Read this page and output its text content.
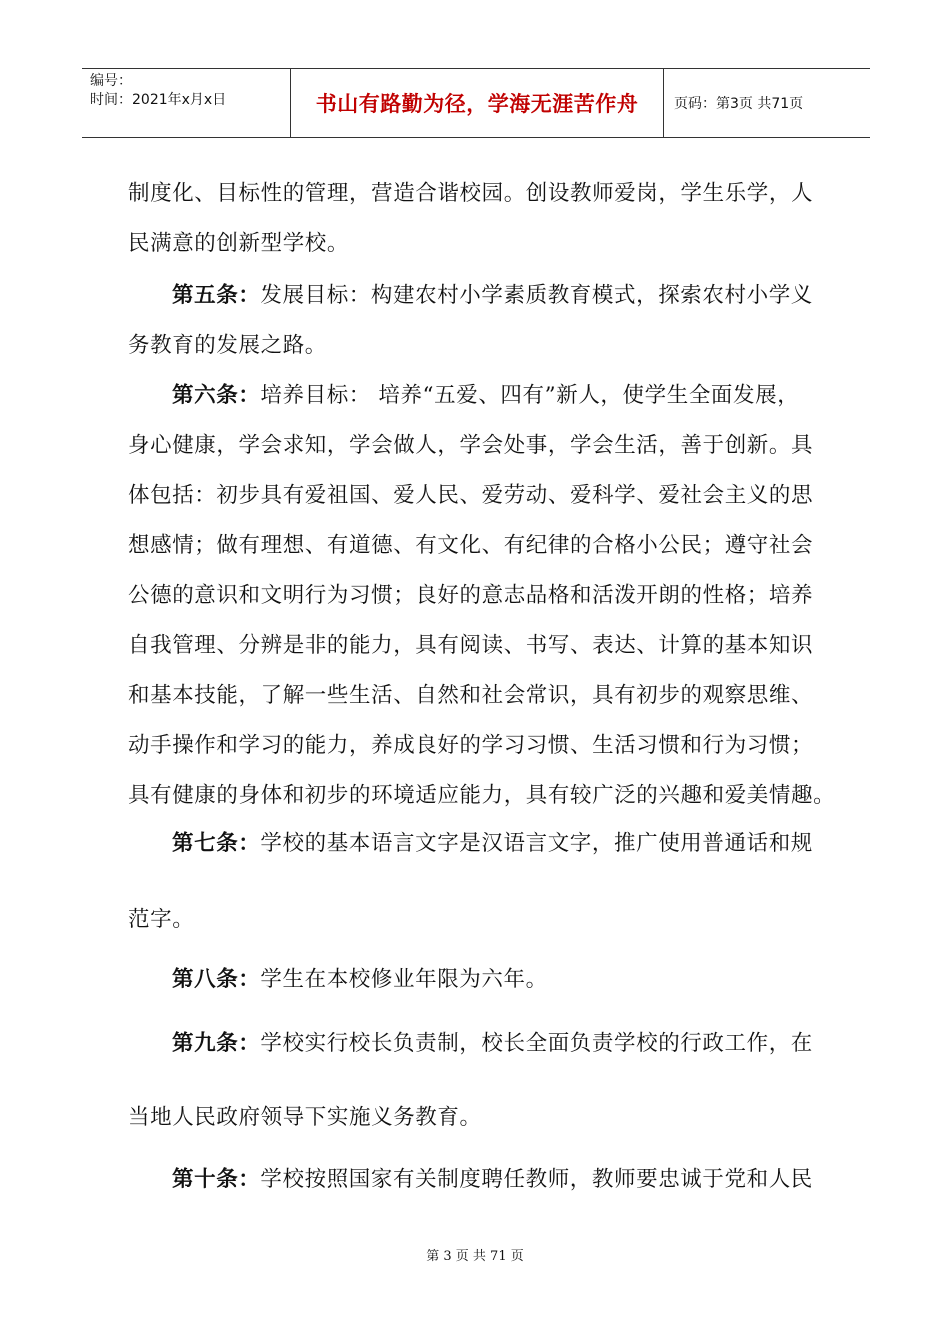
编号：
时间：2021年x月x日	书山有路勤为径，学海无涯苦作舟	页码：第3页 共71页
制度化、目标性的管理，营造合谐校园。创设教师爱岗，学生乐学，人
民满意的创新型学校。
第五条：发展目标：构建农村小学素质教育模式，探索农村小学义
务教育的发展之路。
第六条：培养目标： 培养“五爱、四有”新人，使学生全面发展，
身心健康，学会求知，学会做人，学会处事，学会生活，善于创新。具
体包括：初步具有爱祖国、爱人民、爱劳动、爱科学、爱社会主义的思
想感情；做有理想、有道德、有文化、有纪律的合格小公民；遵守社会
公德的意识和文明行为习惯；良好的意志品格和活泼开朗的性格；培养
自我管理、分辨是非的能力，具有阅读、书写、表达、计算的基本知识
和基本技能，了解一些生活、自然和社会常识，具有初步的观察思维、
动手操作和学习的能力，养成良好的学习习惯、生活习惯和行为习惯；
具有健康的身体和初步的环境适应能力，具有较广泛的兴趣和爱美情趣。
第七条：学校的基本语言文字是汉语言文字，推广使用普通话和规
范字。
第八条：学生在本校修业年限为六年。
第九条：学校实行校长负责制，校长全面负责学校的行政工作，在
当地人民政府领导下实施义务教育。
第十条：学校按照国家有关制度聘任教师，教师要忠诚于党和人民
第 3 页 共 71 页
